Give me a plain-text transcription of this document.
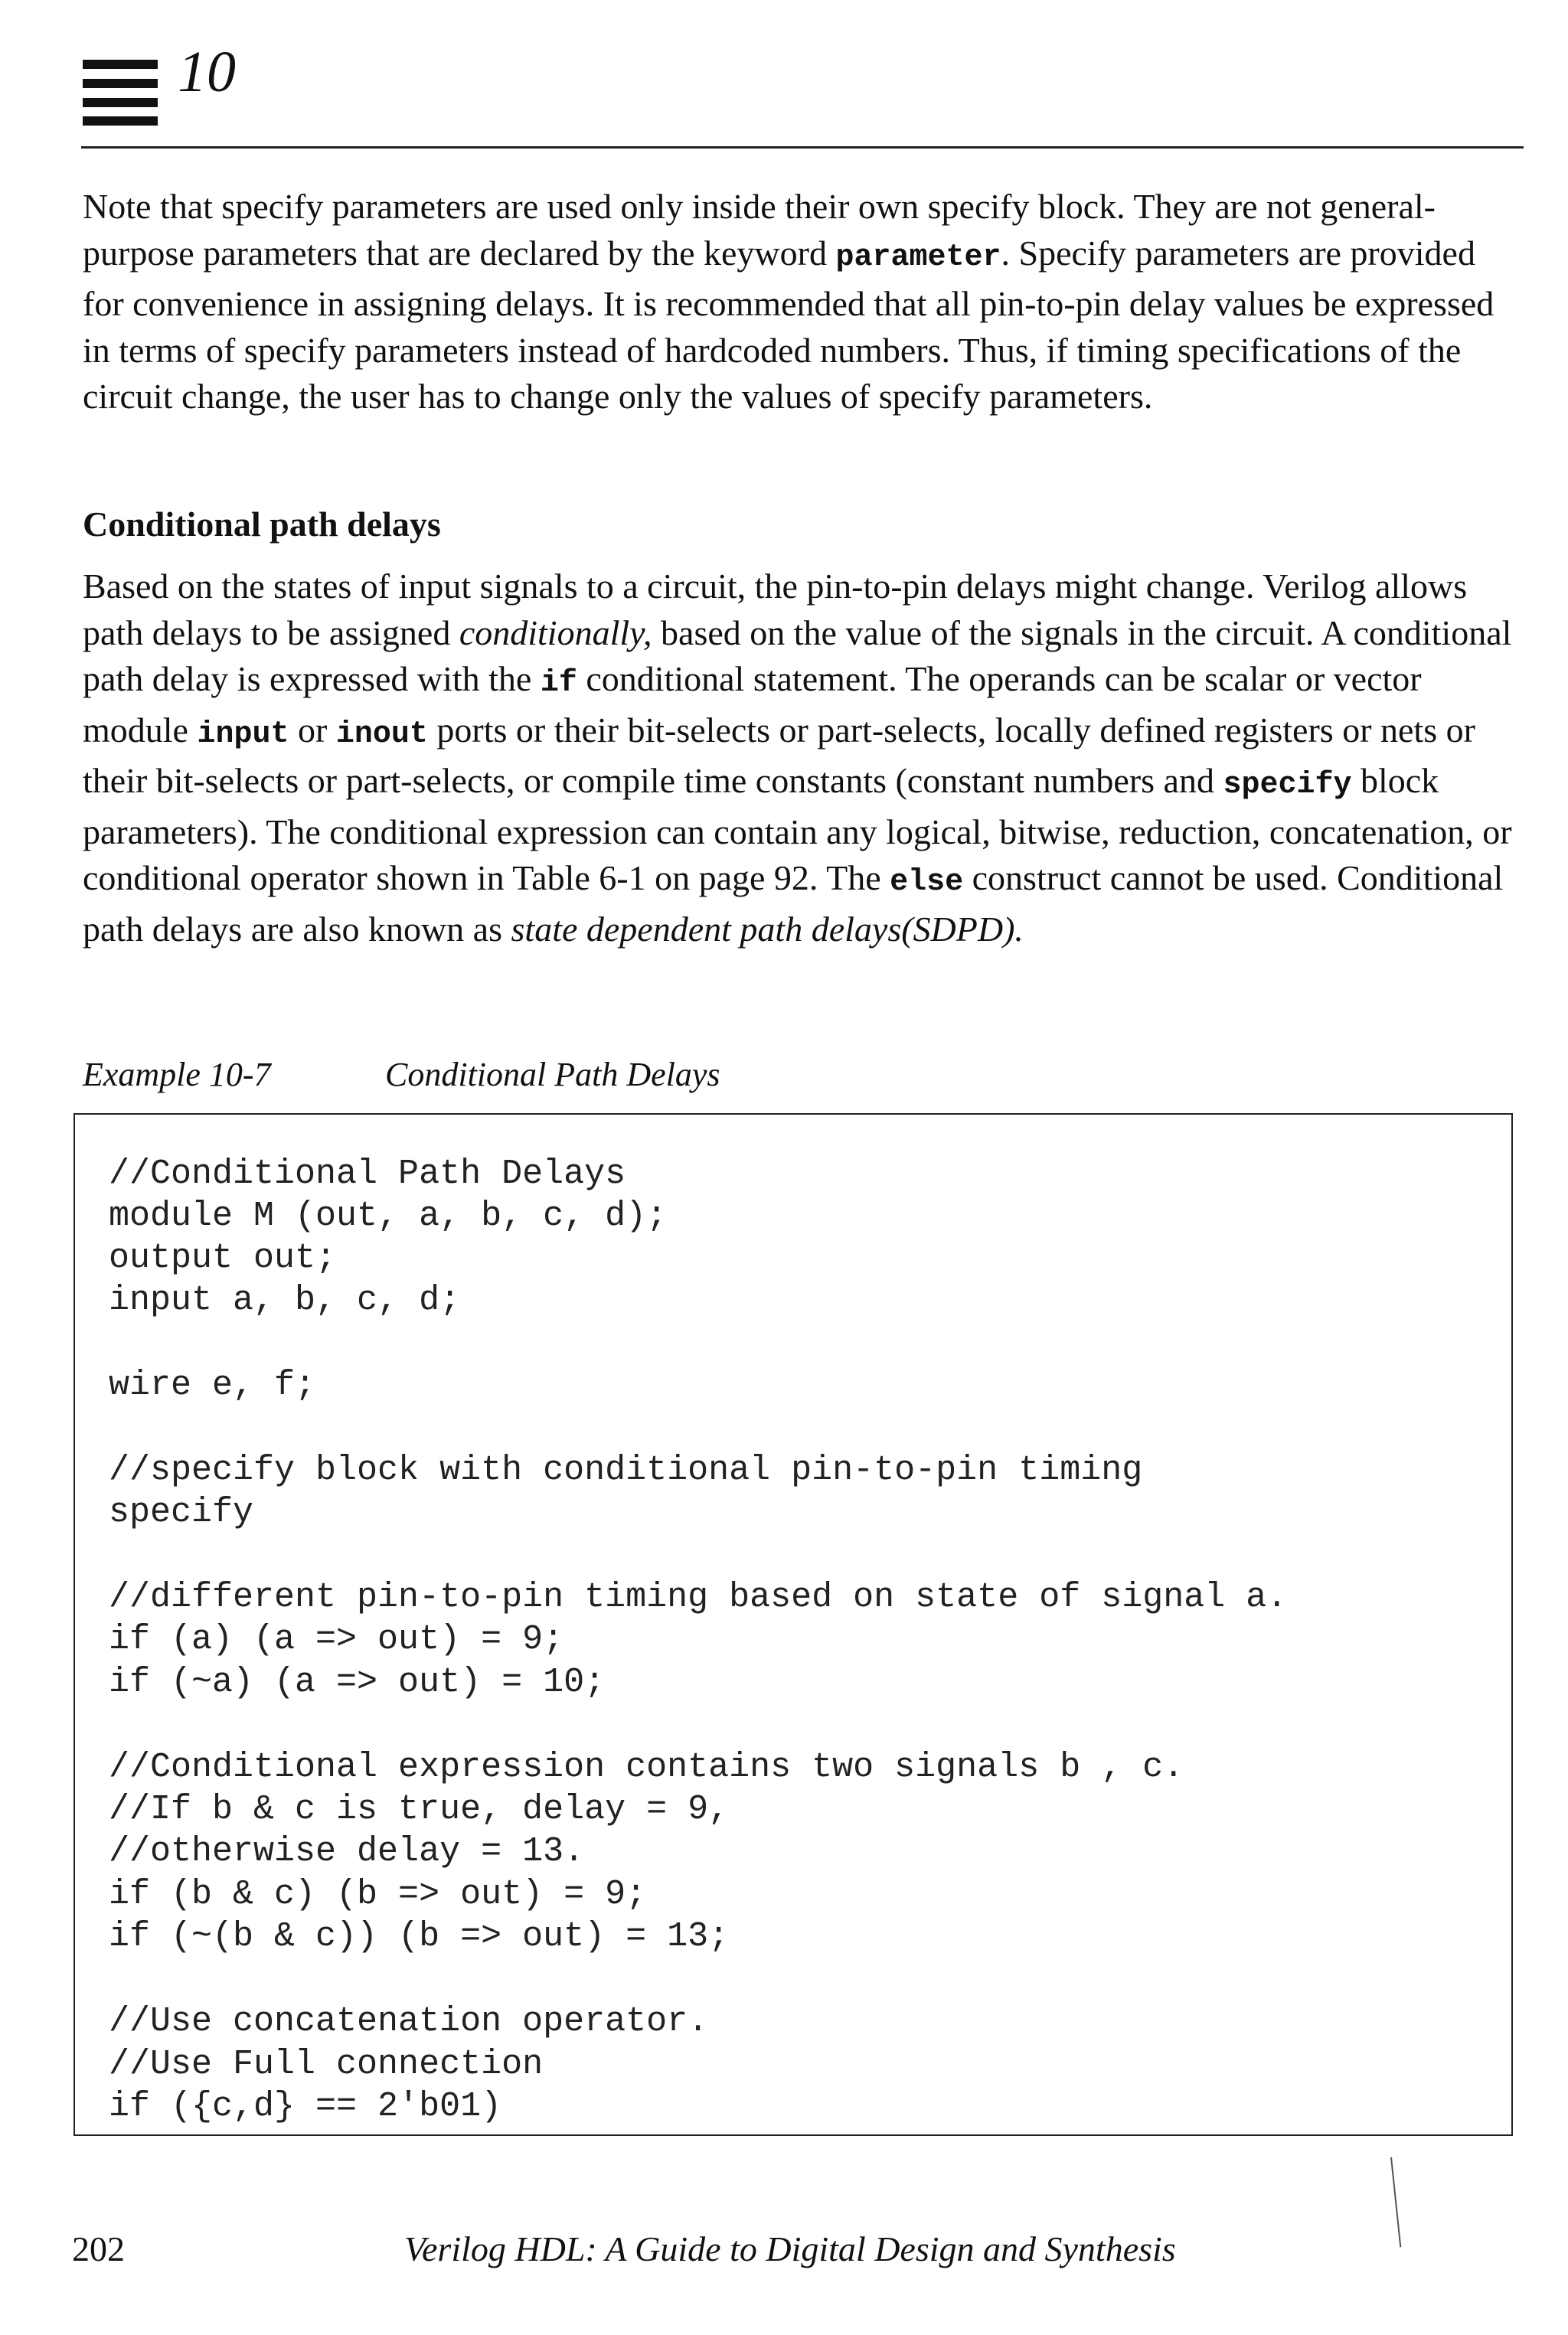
10

Note that specify parameters are used only inside their own specify block. They are not general-purpose parameters that are declared by the keyword parameter. Specify parameters are provided for convenience in assigning delays. It is recommended that all pin-to-pin delay values be expressed in terms of specify parameters instead of hardcoded numbers. Thus, if timing specifications of the circuit change, the user has to change only the values of specify parameters.

Conditional path delays

Based on the states of input signals to a circuit, the pin-to-pin delays might change. Verilog allows path delays to be assigned conditionally, based on the value of the signals in the circuit. A conditional path delay is expressed with the if conditional statement. The operands can be scalar or vector module input or inout ports or their bit-selects or part-selects, locally defined registers or nets or their bit-selects or part-selects, or compile time constants (constant numbers and specify block parameters). The conditional expression can contain any logical, bitwise, reduction, concatenation, or conditional operator shown in Table 6-1 on page 92. The else construct cannot be used. Conditional path delays are also known as state dependent path delays(SDPD).

Example 10-7	Conditional Path Delays
//Conditional Path Delays
module M (out, a, b, c, d);
output out;
input a, b, c, d;
wire e, f;
//specify block with conditional pin-to-pin timing
specify
//different pin-to-pin timing based on state of signal a.
if (a) (a => out) = 9;
if (~a) (a => out) = 10;
//Conditional expression contains two signals b , c.
//If b & c is true, delay = 9,
//otherwise delay = 13.
if (b & c) (b => out) = 9;
if (~(b & c)) (b => out) = 13;
//Use concatenation operator.
//Use Full connection
if ({c,d} == 2'b01)
202	Verilog HDL: A Guide to Digital Design and Synthesis
